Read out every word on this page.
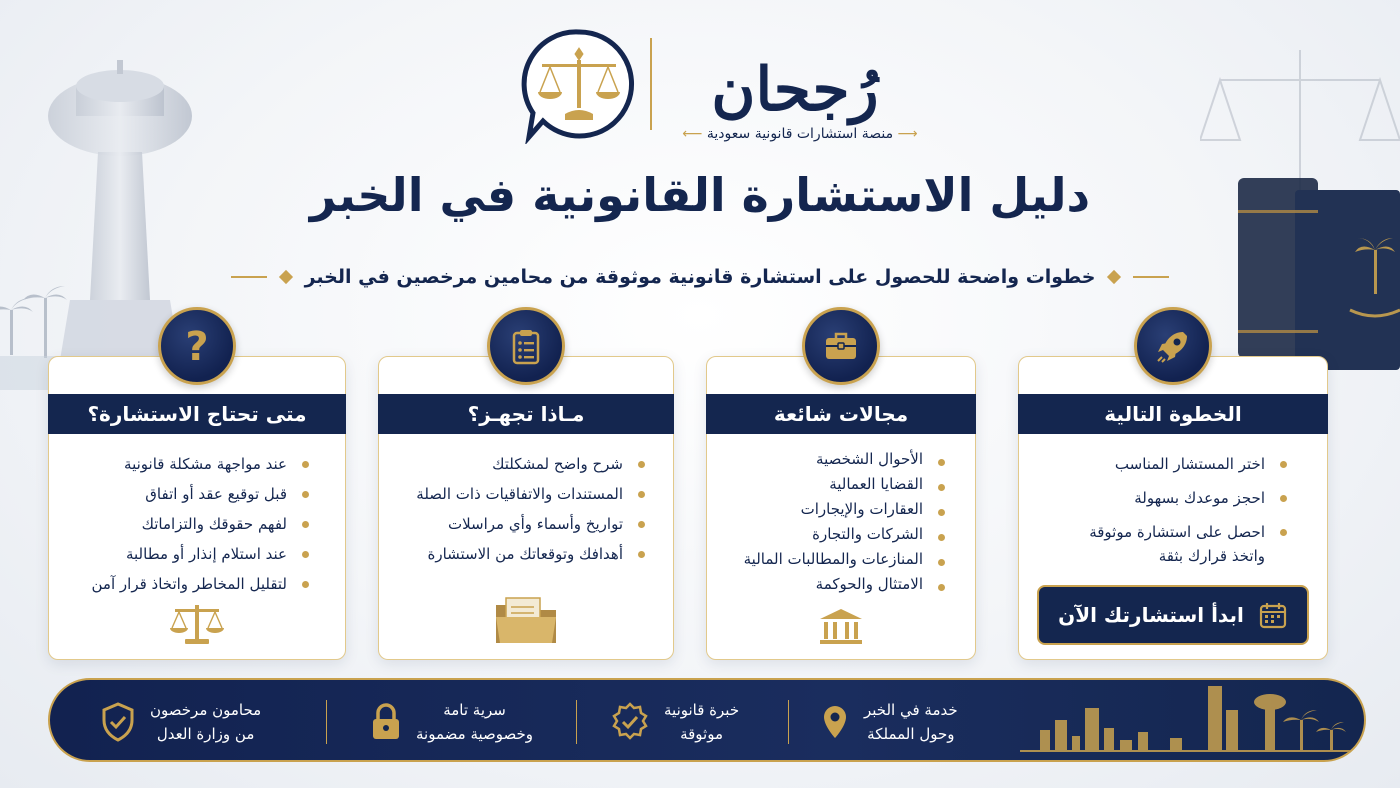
رُجحان
⟶ منصة استشارات قانونية سعودية ⟵
دليل الاستشارة القانونية في الخبر
خطوات واضحة للحصول على استشارة قانونية موثوقة من محامين مرخصين في الخبر
الخطوة التالية
اختر المستشار المناسب
احجز موعدك بسهولة
احصل على استشارة موثوقة
واتخذ قرارك بثقة
ابدأ استشارتك الآن
مجالات شائعة
الأحوال الشخصية
القضايا العمالية
العقارات والإيجارات
الشركات والتجارة
المنازعات والمطالبات المالية
الامتثال والحوكمة
مـاذا تجهـز؟
شرح واضح لمشكلتك
المستندات والاتفاقيات ذات الصلة
تواريخ وأسماء وأي مراسلات
أهدافك وتوقعاتك من الاستشارة
?
متى تحتاج الاستشارة؟
عند مواجهة مشكلة قانونية
قبل توقيع عقد أو اتفاق
لفهم حقوقك والتزاماتك
عند استلام إنذار أو مطالبة
لتقليل المخاطر واتخاذ قرار آمن
خدمة في الخبر
وحول المملكة
خبرة قانونية
موثوقة
سرية تامة
وخصوصية مضمونة
محامون مرخصون
من وزارة العدل
